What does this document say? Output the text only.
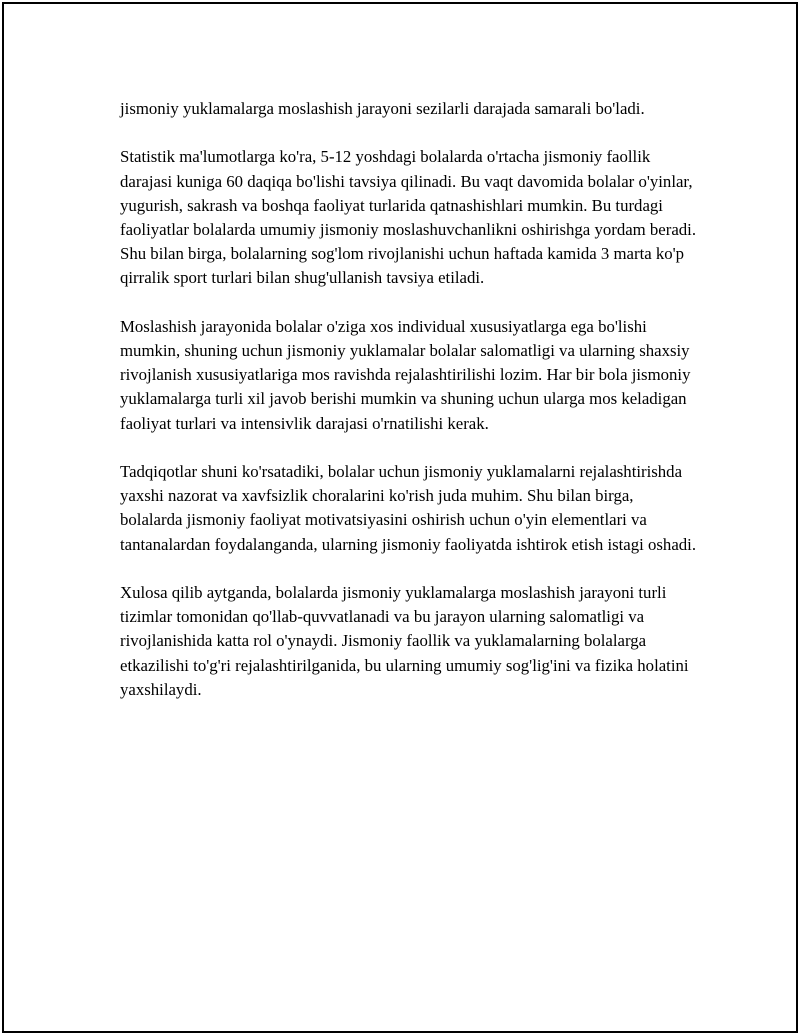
jismoniy yuklamalarga moslashish jarayoni sezilarli darajada samarali bo'ladi.

Statistik ma'lumotlarga ko'ra, 5-12 yoshdagi bolalarda o'rtacha jismoniy faollik darajasi kuniga 60 daqiqa bo'lishi tavsiya qilinadi. Bu vaqt davomida bolalar o'yinlar, yugurish, sakrash va boshqa faoliyat turlarida qatnashishlari mumkin. Bu turdagi faoliyatlar bolalarda umumiy jismoniy moslashuvchanlikni oshirishga yordam beradi. Shu bilan birga, bolalarning sog'lom rivojlanishi uchun haftada kamida 3 marta ko'p qirralik sport turlari bilan shug'ullanish tavsiya etiladi.

Moslashish jarayonida bolalar o'ziga xos individual xususiyatlarga ega bo'lishi mumkin, shuning uchun jismoniy yuklamalar bolalar salomatligi va ularning shaxsiy rivojlanish xususiyatlariga mos ravishda rejalashtirilishi lozim. Har bir bola jismoniy yuklamalarga turli xil javob berishi mumkin va shuning uchun ularga mos keladigan faoliyat turlari va intensivlik darajasi o'rnatilishi kerak.

Tadqiqotlar shuni ko'rsatadiki, bolalar uchun jismoniy yuklamalarni rejalashtirishda yaxshi nazorat va xavfsizlik choralarini ko'rish juda muhim. Shu bilan birga, bolalarda jismoniy faoliyat motivatsiyasini oshirish uchun o'yin elementlari va tantanalardan foydalanganda, ularning jismoniy faoliyatda ishtirok etish istagi oshadi.

Xulosa qilib aytganda, bolalarda jismoniy yuklamalarga moslashish jarayoni turli tizimlar tomonidan qo'llab-quvvatlanadi va bu jarayon ularning salomatligi va rivojlanishida katta rol o'ynaydi. Jismoniy faollik va yuklamalarning bolalarga etkazilishi to'g'ri rejalashtirilganida, bu ularning umumiy sog'lig'ini va fizika holatini yaxshilaydi.
